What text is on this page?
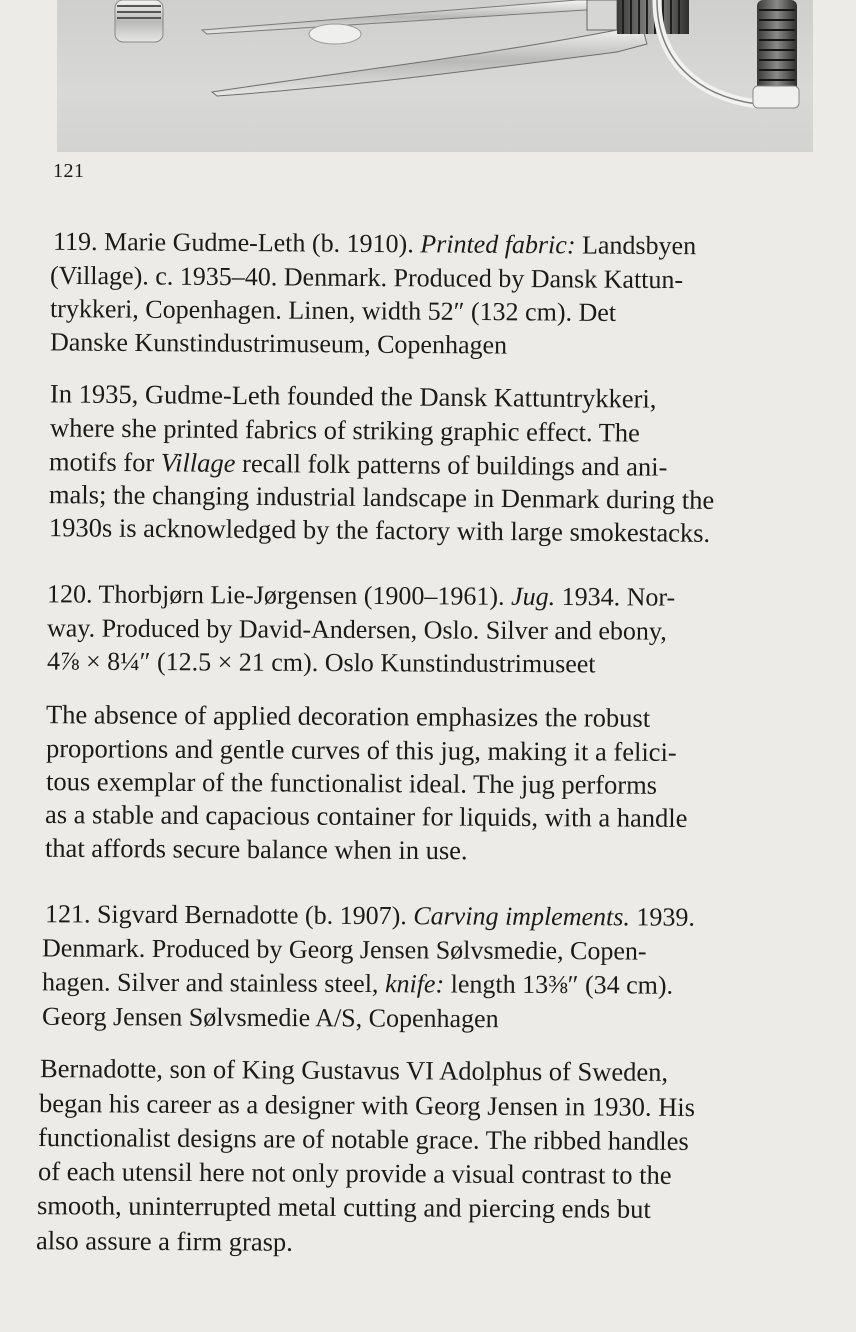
121
119. Marie Gudme-Leth (b. 1910). Printed fabric: Landsbyen
(Village). c. 1935–40. Denmark. Produced by Dansk Kattun-
trykkeri, Copenhagen. Linen, width 52″ (132 cm). Det
Danske Kunstindustrimuseum, Copenhagen
In 1935, Gudme-Leth founded the Dansk Kattuntrykkeri,
where she printed fabrics of striking graphic effect. The
motifs for Village recall folk patterns of buildings and ani-
mals; the changing industrial landscape in Denmark during the
1930s is acknowledged by the factory with large smokestacks.
120. Thorbjørn Lie-Jørgensen (1900–1961). Jug. 1934. Nor-
way. Produced by David-Andersen, Oslo. Silver and ebony,
4⅞ × 8¼″ (12.5 × 21 cm). Oslo Kunstindustrimuseet
The absence of applied decoration emphasizes the robust
proportions and gentle curves of this jug, making it a felici-
tous exemplar of the functionalist ideal. The jug performs
as a stable and capacious container for liquids, with a handle
that affords secure balance when in use.
121. Sigvard Bernadotte (b. 1907). Carving implements. 1939.
Denmark. Produced by Georg Jensen Sølvsmedie, Copen-
hagen. Silver and stainless steel, knife: length 13⅜″ (34 cm).
Georg Jensen Sølvsmedie A/S, Copenhagen
Bernadotte, son of King Gustavus VI Adolphus of Sweden,
began his career as a designer with Georg Jensen in 1930. His
functionalist designs are of notable grace. The ribbed handles
of each utensil here not only provide a visual contrast to the
smooth, uninterrupted metal cutting and piercing ends but
also assure a firm grasp.
